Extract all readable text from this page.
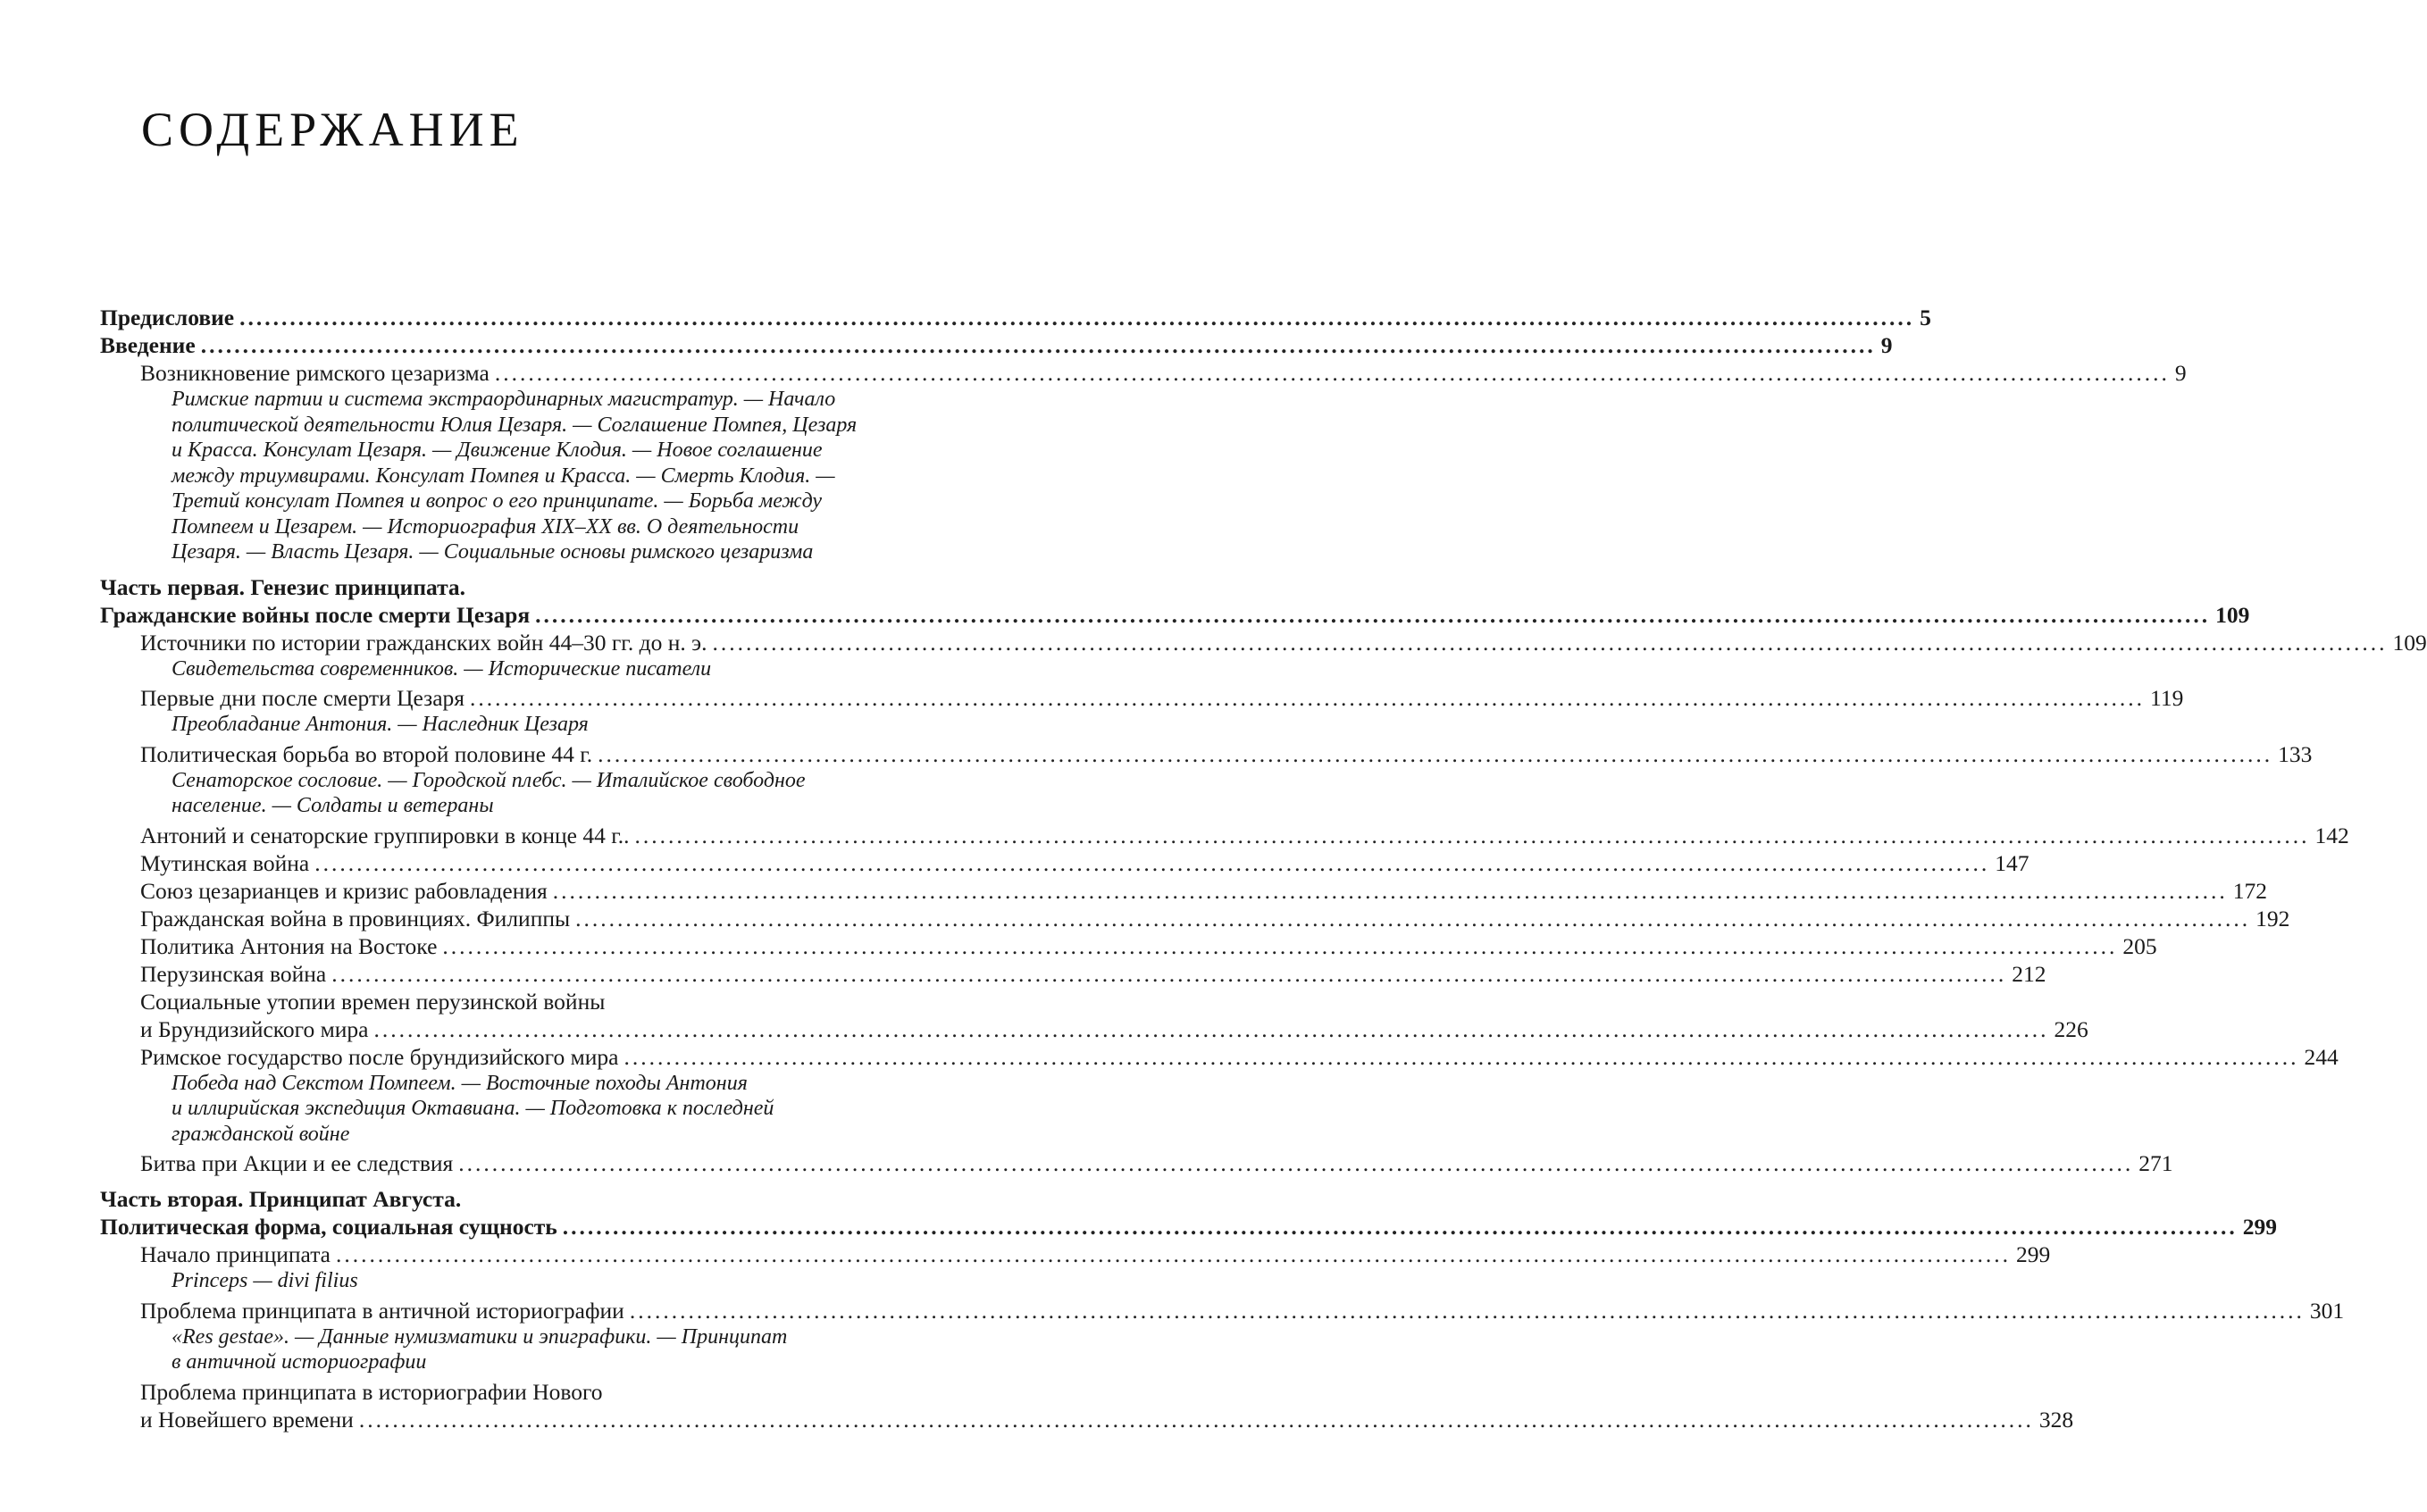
СОДЕРЖАНИЕ
Предисловие ........................................................................................................................................................................................................ 5
Введение ........................................................................................................................................................................................................ 9
Возникновение римского цезаризма ........................................................................................................................................................................................................ 9
Римские партии и система экстраординарных магистратур. — Начало
политической деятельности Юлия Цезаря. — Соглашение Помпея, Цезаря
и Красса. Консулат Цезаря. — Движение Клодия. — Новое соглашение
между триумвирами. Консулат Помпея и Красса. — Смерть Клодия. —
Третий консулат Помпея и вопрос о его принципате. — Борьба между
Помпеем и Цезарем. — Историография XIX–XX вв. О деятельности
Цезаря. — Власть Цезаря. — Социальные основы римского цезаризма
Часть первая. Генезис принципата.
Гражданские войны после смерти Цезаря ........................................................................................................................................................................................................ 109
Источники по истории гражданских войн 44–30 гг. до н. э. ........................................................................................................................................................................................................ 109
Свидетельства современников. — Исторические писатели
Первые дни после смерти Цезаря ........................................................................................................................................................................................................ 119
Преобладание Антония. — Наследник Цезаря
Политическая борьба во второй половине 44 г. ........................................................................................................................................................................................................ 133
Сенаторское сословие. — Городской плебс. — Италийское свободное
население. — Солдаты и ветераны
Антоний и сенаторские группировки в конце 44 г.. ........................................................................................................................................................................................................ 142
Мутинская война ........................................................................................................................................................................................................ 147
Союз цезарианцев и кризис рабовладения ........................................................................................................................................................................................................ 172
Гражданская война в провинциях. Филиппы ........................................................................................................................................................................................................ 192
Политика Антония на Востоке ........................................................................................................................................................................................................ 205
Перузинская война ........................................................................................................................................................................................................ 212
Социальные утопии времен перузинской войны
и Брундизийского мира ........................................................................................................................................................................................................ 226
Римское государство после брундизийского мира ........................................................................................................................................................................................................ 244
Победа над Секстом Помпеем. — Восточные походы Антония
и иллирийская экспедиция Октавиана. — Подготовка к последней
гражданской войне
Битва при Акции и ее следствия ........................................................................................................................................................................................................ 271
Часть вторая. Принципат Августа.
Политическая форма, социальная сущность ........................................................................................................................................................................................................ 299
Начало принципата ........................................................................................................................................................................................................ 299
Princeps — divi filius
Проблема принципата в античной историографии ........................................................................................................................................................................................................ 301
«Res gestae». — Данные нумизматики и эпиграфики. — Принципат
в античной историографии
Проблема принципата в историографии Нового
и Новейшего времени ........................................................................................................................................................................................................ 328
